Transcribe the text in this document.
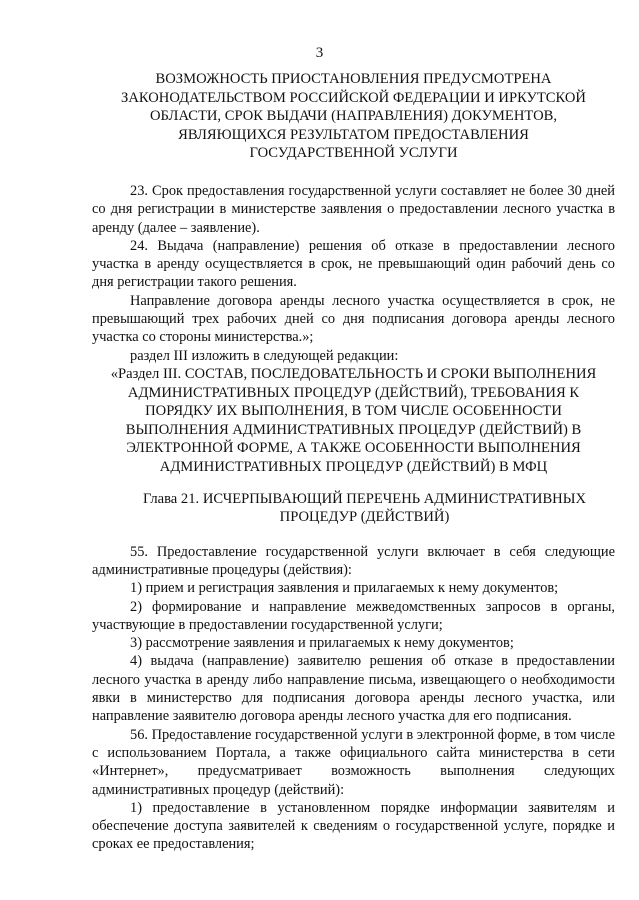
3
ВОЗМОЖНОСТЬ ПРИОСТАНОВЛЕНИЯ ПРЕДУСМОТРЕНА
ЗАКОНОДАТЕЛЬСТВОМ РОССИЙСКОЙ ФЕДЕРАЦИИ И ИРКУТСКОЙ
ОБЛАСТИ, СРОК ВЫДАЧИ (НАПРАВЛЕНИЯ) ДОКУМЕНТОВ,
ЯВЛЯЮЩИХСЯ РЕЗУЛЬТАТОМ ПРЕДОСТАВЛЕНИЯ
ГОСУДАРСТВЕННОЙ УСЛУГИ

23. Срок предоставления государственной услуги составляет не более 30 дней со дня регистрации в министерстве заявления о предоставлении лесного участка в аренду (далее – заявление).

24. Выдача (направление) решения об отказе в предоставлении лесного участка в аренду осуществляется в срок, не превышающий один рабочий день со дня регистрации такого решения.

Направление договора аренды лесного участка осуществляется в срок, не превышающий трех рабочих дней со дня подписания договора аренды лесного участка со стороны министерства.»;

раздел III изложить в следующей редакции:

«Раздел III. СОСТАВ, ПОСЛЕДОВАТЕЛЬНОСТЬ И СРОКИ ВЫПОЛНЕНИЯ
АДМИНИСТРАТИВНЫХ ПРОЦЕДУР (ДЕЙСТВИЙ), ТРЕБОВАНИЯ К
ПОРЯДКУ ИХ ВЫПОЛНЕНИЯ, В ТОМ ЧИСЛЕ ОСОБЕННОСТИ
ВЫПОЛНЕНИЯ АДМИНИСТРАТИВНЫХ ПРОЦЕДУР (ДЕЙСТВИЙ) В
ЭЛЕКТРОННОЙ ФОРМЕ, А ТАКЖЕ ОСОБЕННОСТИ ВЫПОЛНЕНИЯ
АДМИНИСТРАТИВНЫХ ПРОЦЕДУР (ДЕЙСТВИЙ) В МФЦ
Глава 21. ИСЧЕРПЫВАЮЩИЙ ПЕРЕЧЕНЬ АДМИНИСТРАТИВНЫХ
ПРОЦЕДУР (ДЕЙСТВИЙ)

55. Предоставление государственной услуги включает в себя следующие административные процедуры (действия):

1) прием и регистрация заявления и прилагаемых к нему документов;

2) формирование и направление межведомственных запросов в органы, участвующие в предоставлении государственной услуги;

3) рассмотрение заявления и прилагаемых к нему документов;

4) выдача (направление) заявителю решения об отказе в предоставлении лесного участка в аренду либо направление письма, извещающего о необходимости явки в министерство для подписания договора аренды лесного участка, или направление заявителю договора аренды лесного участка для его подписания.

56. Предоставление государственной услуги в электронной форме, в том числе с использованием Портала, а также официального сайта министерства в сети «Интернет», предусматривает возможность выполнения следующих административных процедур (действий):

1) предоставление в установленном порядке информации заявителям и обеспечение доступа заявителей к сведениям о государственной услуге, порядке и сроках ее предоставления;
